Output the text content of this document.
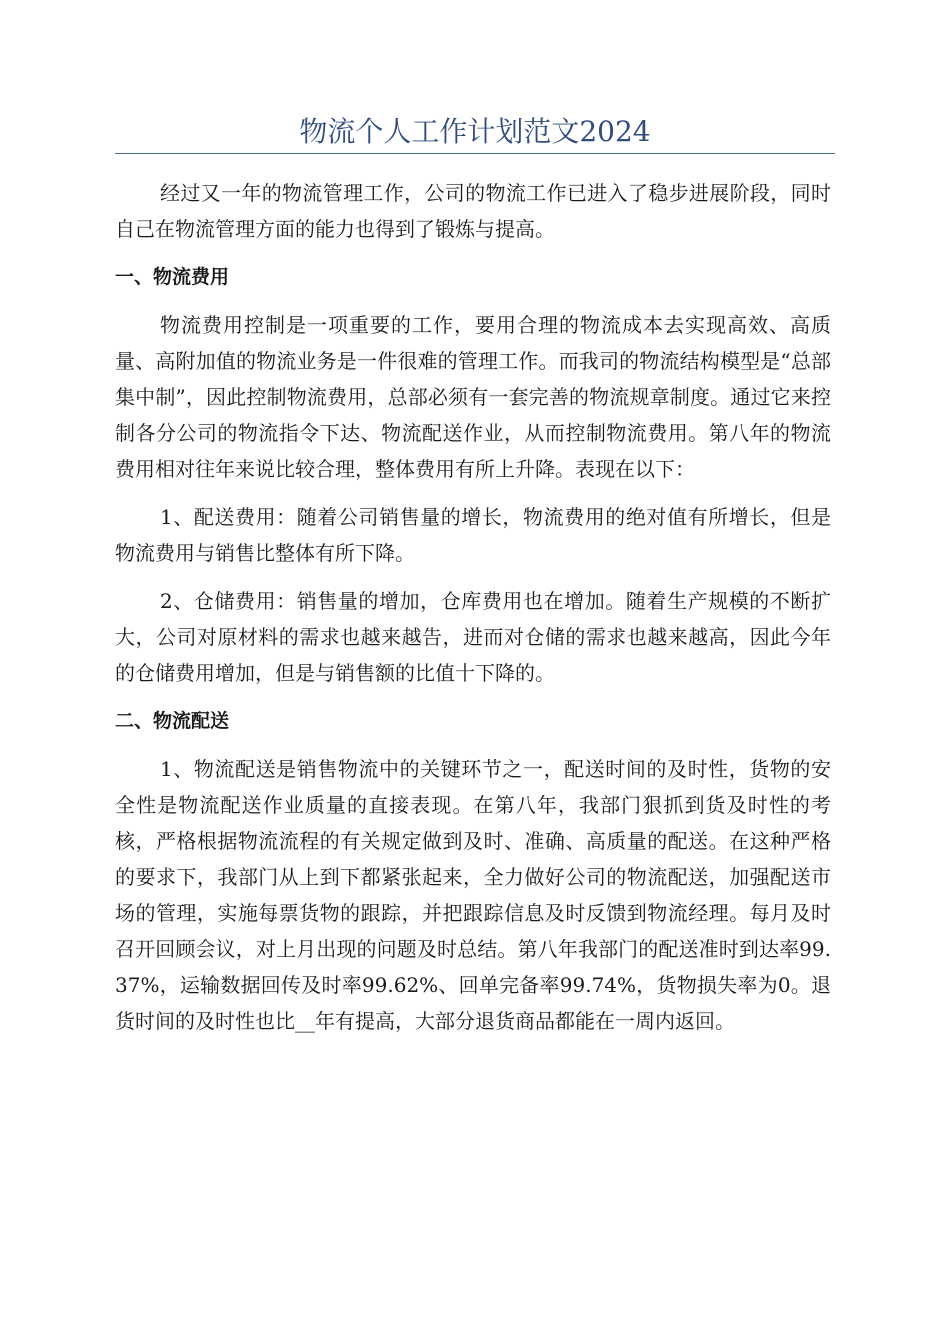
物流个人工作计划范文2024

经过又一年的物流管理工作，公司的物流工作已进入了稳步进展阶段，同时自己在物流管理方面的能力也得到了锻炼与提高。

一、物流费用

物流费用控制是一项重要的工作，要用合理的物流成本去实现高效、高质量、高附加值的物流业务是一件很难的管理工作。而我司的物流结构模型是“总部集中制”，因此控制物流费用，总部必须有一套完善的物流规章制度。通过它来控制各分公司的物流指令下达、物流配送作业，从而控制物流费用。第八年的物流费用相对往年来说比较合理，整体费用有所上升降。表现在以下：

1、配送费用：随着公司销售量的增长，物流费用的绝对值有所增长，但是物流费用与销售比整体有所下降。

2、仓储费用：销售量的增加，仓库费用也在增加。随着生产规模的不断扩大，公司对原材料的需求也越来越告，进而对仓储的需求也越来越高，因此今年的仓储费用增加，但是与销售额的比值十下降的。

二、物流配送

1、物流配送是销售物流中的关键环节之一，配送时间的及时性，货物的安全性是物流配送作业质量的直接表现。在第八年，我部门狠抓到货及时性的考核，严格根据物流流程的有关规定做到及时、准确、高质量的配送。在这种严格的要求下，我部门从上到下都紧张起来，全力做好公司的物流配送，加强配送市场的管理，实施每票货物的跟踪，并把跟踪信息及时反馈到物流经理。每月及时召开回顾会议，对上月出现的问题及时总结。第八年我部门的配送准时到达率99.37%，运输数据回传及时率99.62%、回单完备率99.74%，货物损失率为0。退货时间的及时性也比__年有提高，大部分退货商品都能在一周内返回。
